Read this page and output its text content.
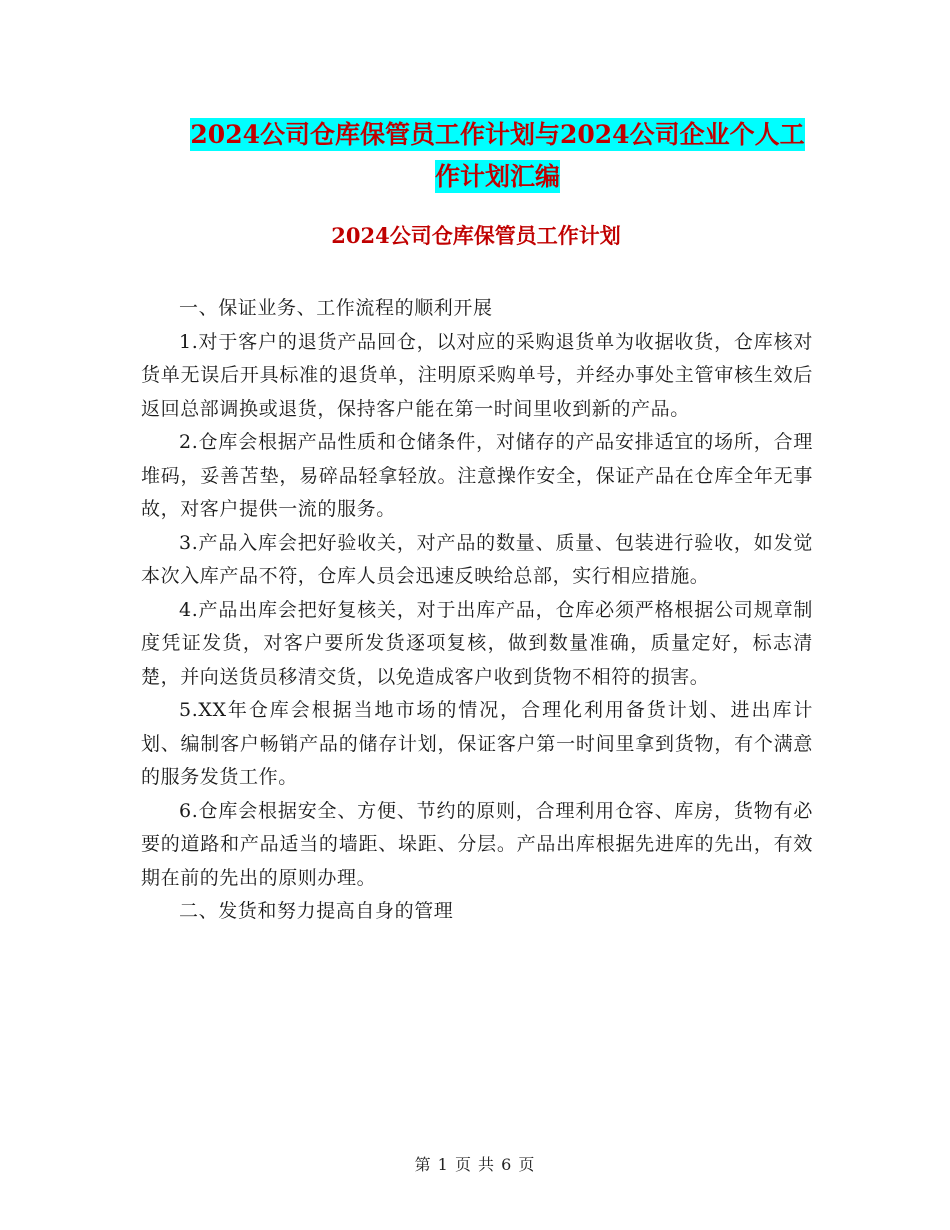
2024公司仓库保管员工作计划与2024公司企业个人工
作计划汇编
2024公司仓库保管员工作计划

一、保证业务、工作流程的顺利开展

1.对于客户的退货产品回仓，以对应的采购退货单为收据收货，仓库核对货单无误后开具标准的退货单，注明原采购单号，并经办事处主管审核生效后返回总部调换或退货，保持客户能在第一时间里收到新的产品。

2.仓库会根据产品性质和仓储条件，对储存的产品安排适宜的场所，合理堆码，妥善苫垫，易碎品轻拿轻放。注意操作安全，保证产品在仓库全年无事故，对客户提供一流的服务。

3.产品入库会把好验收关，对产品的数量、质量、包装进行验收，如发觉本次入库产品不符，仓库人员会迅速反映给总部，实行相应措施。

4.产品出库会把好复核关，对于出库产品，仓库必须严格根据公司规章制度凭证发货，对客户要所发货逐项复核，做到数量准确，质量定好，标志清楚，并向送货员移清交货，以免造成客户收到货物不相符的损害。

5.XX年仓库会根据当地市场的情况，合理化利用备货计划、进出库计划、编制客户畅销产品的储存计划，保证客户第一时间里拿到货物，有个满意的服务发货工作。

6.仓库会根据安全、方便、节约的原则，合理利用仓容、库房，货物有必要的道路和产品适当的墙距、垛距、分层。产品出库根据先进库的先出，有效期在前的先出的原则办理。

二、发货和努力提高自身的管理

第 1 页 共 6 页
